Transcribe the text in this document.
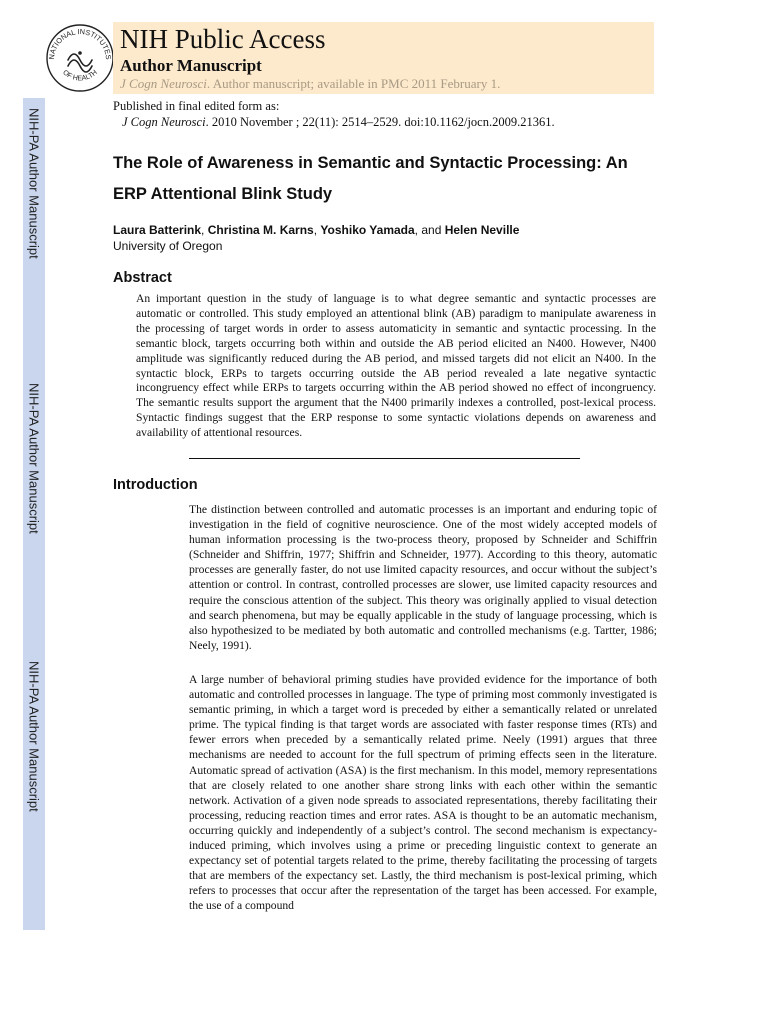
NIH-PA Author Manuscript
NIH-PA Author Manuscript
NIH-PA Author Manuscript
NATIONAL INSTITUTES
OF HEALTH
NIH Public Access
Author Manuscript
J Cogn Neurosci. Author manuscript; available in PMC 2011 February 1.
Published in final edited form as:
J Cogn Neurosci. 2010 November ; 22(11): 2514–2529. doi:10.1162/jocn.2009.21361.
The Role of Awareness in Semantic and Syntactic Processing: An
ERP Attentional Blink Study
Laura Batterink, Christina M. Karns, Yoshiko Yamada, and Helen Neville
University of Oregon
Abstract
An important question in the study of language is to what degree semantic and syntactic processes are automatic or controlled. This study employed an attentional blink (AB) paradigm to manipulate awareness in the processing of target words in order to assess automaticity in semantic and syntactic processing. In the semantic block, targets occurring both within and outside the AB period elicited an N400. However, N400 amplitude was significantly reduced during the AB period, and missed targets did not elicit an N400. In the syntactic block, ERPs to targets occurring outside the AB period revealed a late negative syntactic incongruency effect while ERPs to targets occurring within the AB period showed no effect of incongruency. The semantic results support the argument that the N400 primarily indexes a controlled, post-lexical process. Syntactic findings suggest that the ERP response to some syntactic violations depends on awareness and availability of attentional resources.
Introduction
The distinction between controlled and automatic processes is an important and enduring topic of investigation in the field of cognitive neuroscience. One of the most widely accepted models of human information processing is the two-process theory, proposed by Schneider and Schiffrin (Schneider and Shiffrin, 1977; Shiffrin and Schneider, 1977). According to this theory, automatic processes are generally faster, do not use limited capacity resources, and occur without the subject’s attention or control. In contrast, controlled processes are slower, use limited capacity resources and require the conscious attention of the subject. This theory was originally applied to visual detection and search phenomena, but may be equally applicable in the study of language processing, which is also hypothesized to be mediated by both automatic and controlled mechanisms (e.g. Tartter, 1986; Neely, 1991).
A large number of behavioral priming studies have provided evidence for the importance of both automatic and controlled processes in language. The type of priming most commonly investigated is semantic priming, in which a target word is preceded by either a semantically related or unrelated prime. The typical finding is that target words are associated with faster response times (RTs) and fewer errors when preceded by a semantically related prime. Neely (1991) argues that three mechanisms are needed to account for the full spectrum of priming effects seen in the literature. Automatic spread of activation (ASA) is the first mechanism. In this model, memory representations that are closely related to one another share strong links with each other within the semantic network. Activation of a given node spreads to associated representations, thereby facilitating their processing, reducing reaction times and error rates. ASA is thought to be an automatic mechanism, occurring quickly and independently of a subject’s control. The second mechanism is expectancy-induced priming, which involves using a prime or preceding linguistic context to generate an expectancy set of potential targets related to the prime, thereby facilitating the processing of targets that are members of the expectancy set. Lastly, the third mechanism is post-lexical priming, which refers to processes that occur after the representation of the target has been accessed. For example, the use of a compound
